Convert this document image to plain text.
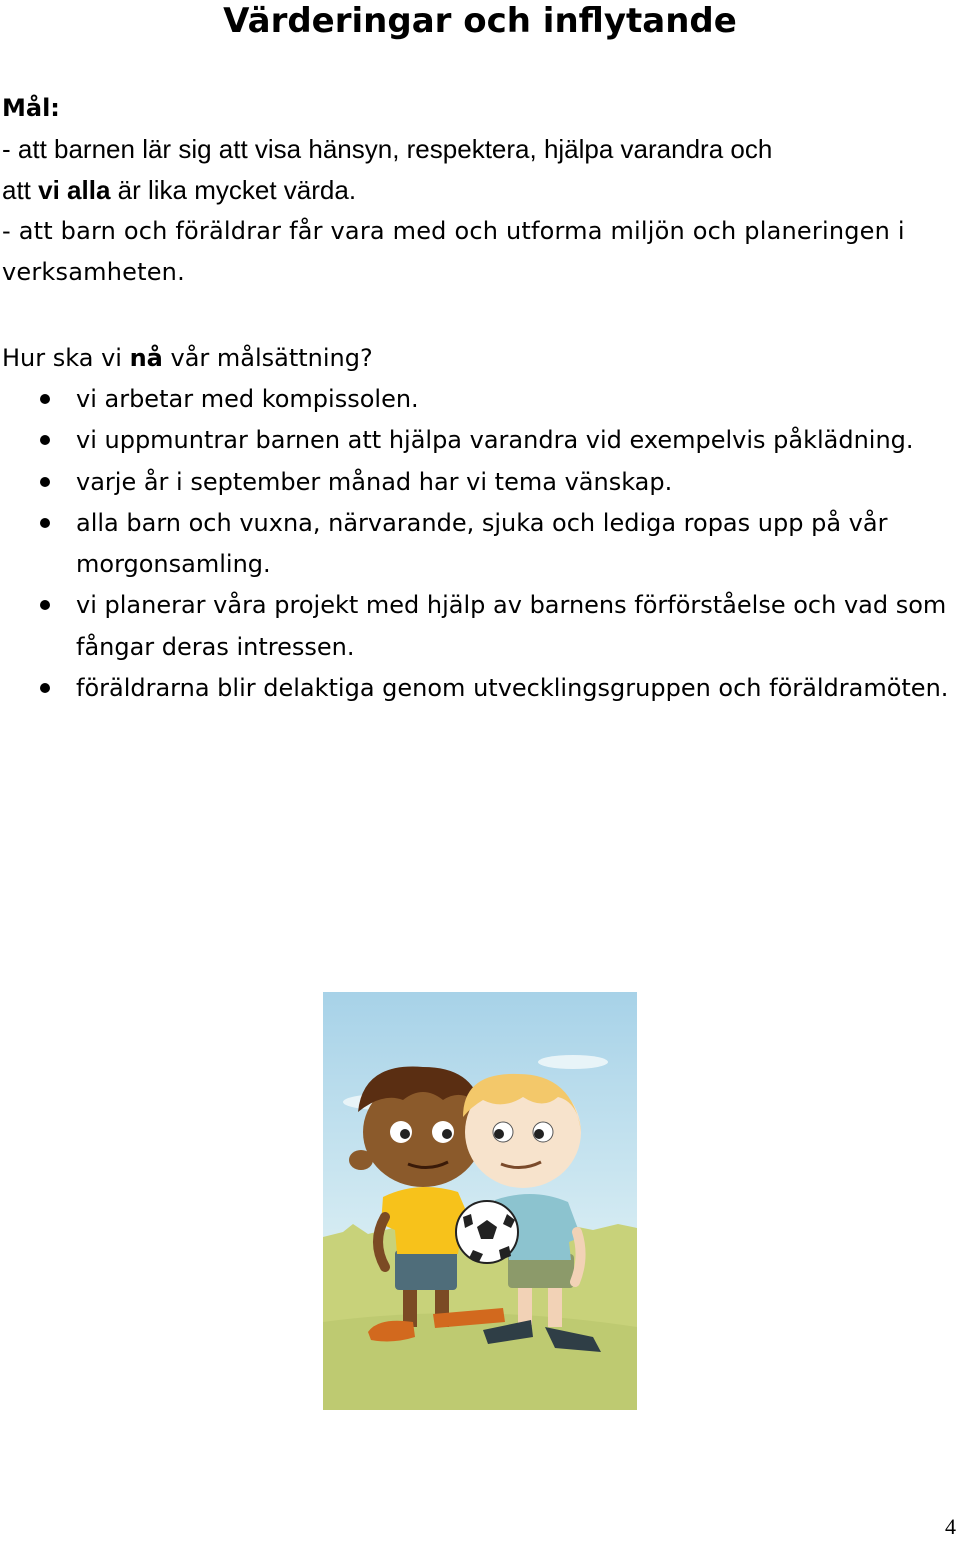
Värderingar och inflytande
Mål:
- att barnen lär sig att visa hänsyn, respektera, hjälpa varandra och
att vi alla är lika mycket värda.
- att barn och föräldrar får vara med och utforma miljön och planeringen i verksamheten.
Hur ska vi nå vår målsättning?
vi arbetar med kompissolen.
vi uppmuntrar barnen att hjälpa varandra vid exempelvis påklädning.
varje år i september månad har vi tema vänskap.
alla barn och vuxna, närvarande, sjuka och lediga ropas upp på vår morgonsamling.
vi planerar våra projekt med hjälp av barnens förförståelse och vad som fångar deras intressen.
föräldrarna blir delaktiga genom utvecklingsgruppen och föräldramöten.
4
